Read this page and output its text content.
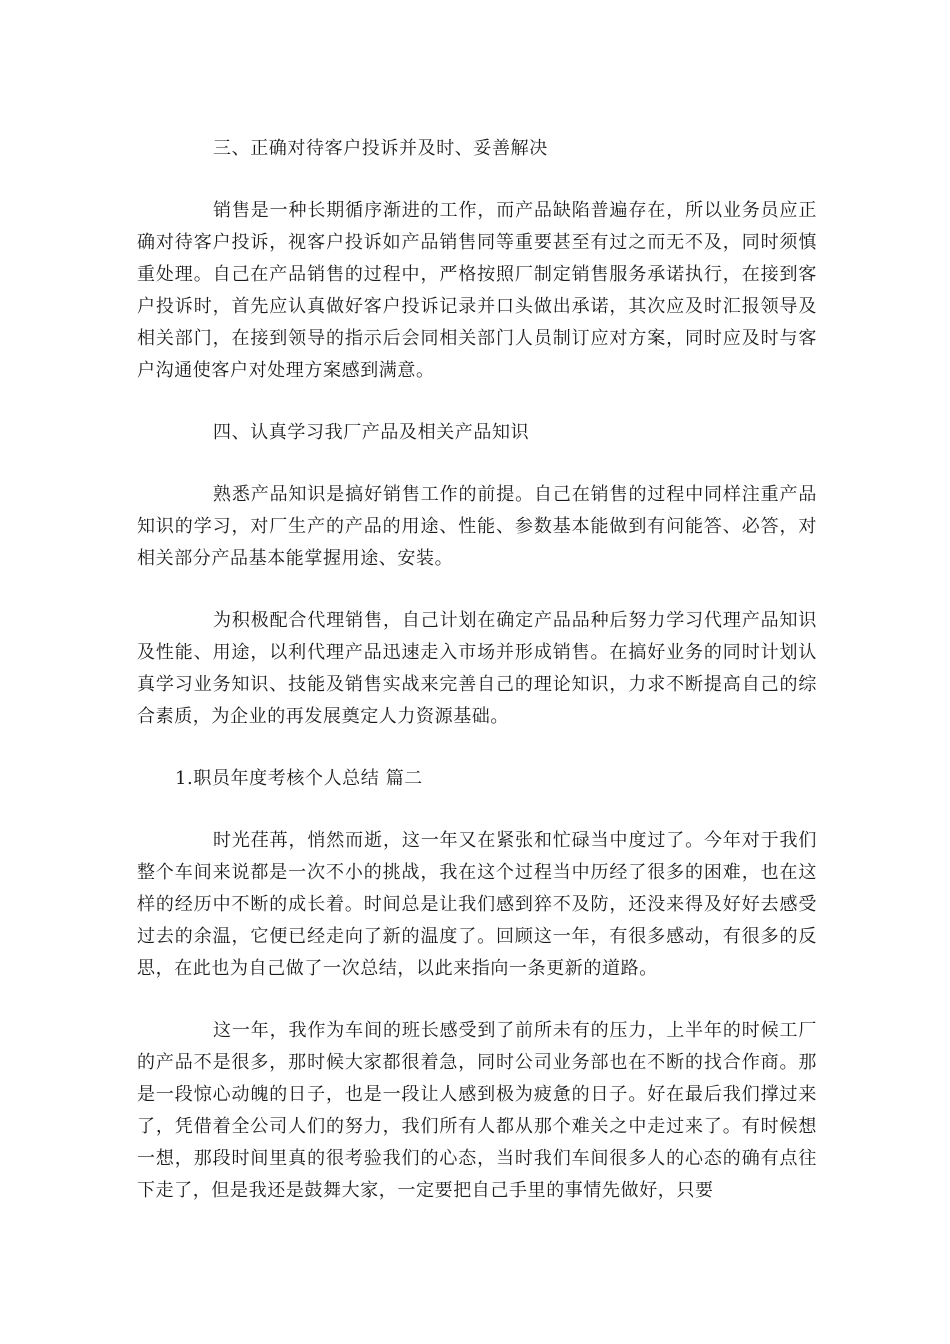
三、正确对待客户投诉并及时、妥善解决

销售是一种长期循序渐进的工作，而产品缺陷普遍存在，所以业务员应正确对待客户投诉，视客户投诉如产品销售同等重要甚至有过之而无不及，同时须慎重处理。自己在产品销售的过程中，严格按照厂制定销售服务承诺执行，在接到客户投诉时，首先应认真做好客户投诉记录并口头做出承诺，其次应及时汇报领导及相关部门，在接到领导的指示后会同相关部门人员制订应对方案，同时应及时与客户沟通使客户对处理方案感到满意。

四、认真学习我厂产品及相关产品知识

熟悉产品知识是搞好销售工作的前提。自己在销售的过程中同样注重产品知识的学习，对厂生产的产品的用途、性能、参数基本能做到有问能答、必答，对相关部分产品基本能掌握用途、安装。

为积极配合代理销售，自己计划在确定产品品种后努力学习代理产品知识及性能、用途，以利代理产品迅速走入市场并形成销售。在搞好业务的同时计划认真学习业务知识、技能及销售实战来完善自己的理论知识，力求不断提高自己的综合素质，为企业的再发展奠定人力资源基础。

1.职员年度考核个人总结 篇二

时光荏苒，悄然而逝，这一年又在紧张和忙碌当中度过了。今年对于我们整个车间来说都是一次不小的挑战，我在这个过程当中历经了很多的困难，也在这样的经历中不断的成长着。时间总是让我们感到猝不及防，还没来得及好好去感受过去的余温，它便已经走向了新的温度了。回顾这一年，有很多感动，有很多的反思，在此也为自己做了一次总结，以此来指向一条更新的道路。

这一年，我作为车间的班长感受到了前所未有的压力，上半年的时候工厂的产品不是很多，那时候大家都很着急，同时公司业务部也在不断的找合作商。那是一段惊心动魄的日子，也是一段让人感到极为疲惫的日子。好在最后我们撑过来了，凭借着全公司人们的努力，我们所有人都从那个难关之中走过来了。有时候想一想，那段时间里真的很考验我们的心态，当时我们车间很多人的心态的确有点往下走了，但是我还是鼓舞大家，一定要把自己手里的事情先做好，只要
